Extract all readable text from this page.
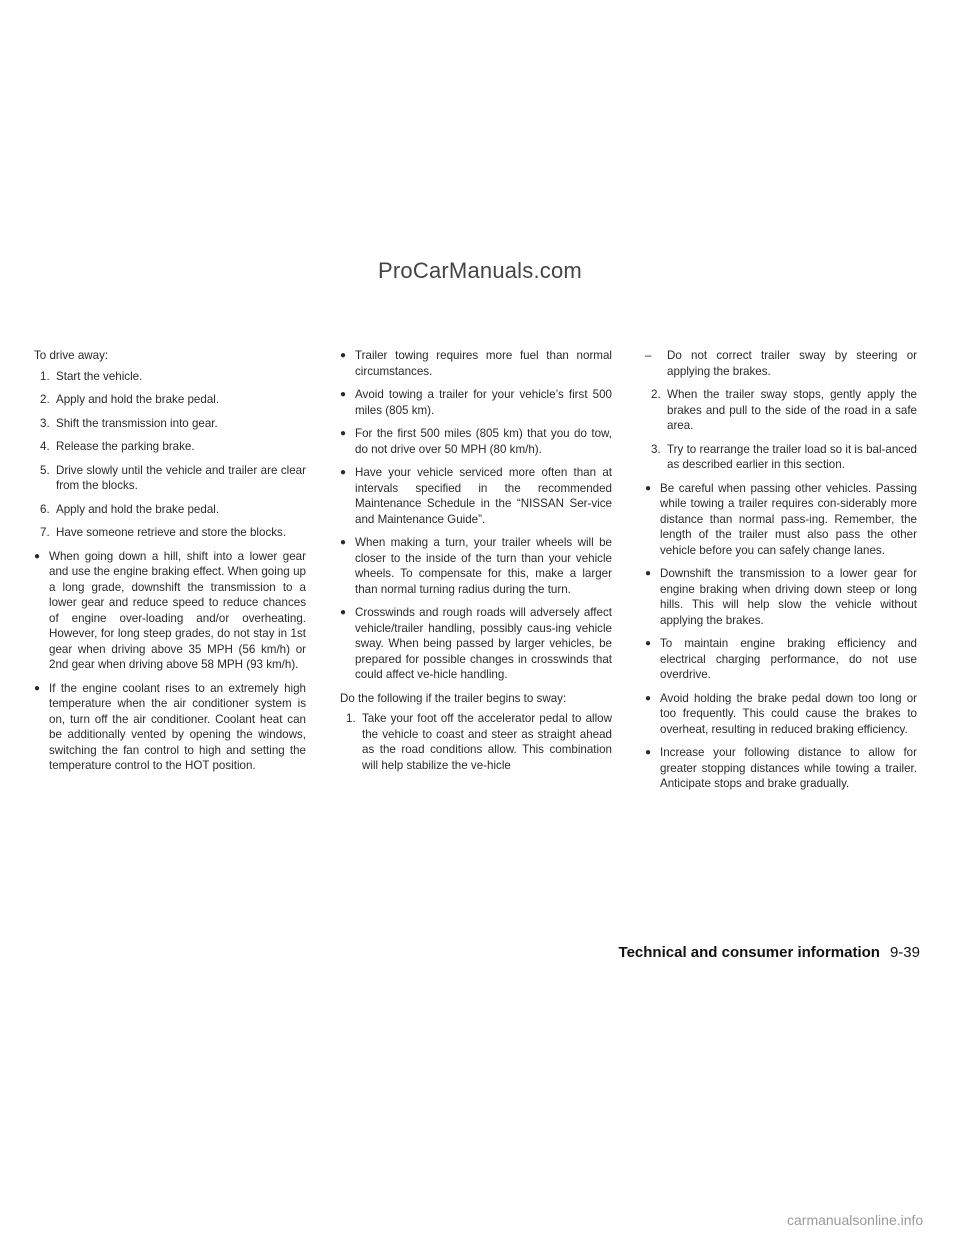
ProCarManuals.com
To drive away:
1. Start the vehicle.
2. Apply and hold the brake pedal.
3. Shift the transmission into gear.
4. Release the parking brake.
5. Drive slowly until the vehicle and trailer are clear from the blocks.
6. Apply and hold the brake pedal.
7. Have someone retrieve and store the blocks.
● When going down a hill, shift into a lower gear and use the engine braking effect. When going up a long grade, downshift the transmission to a lower gear and reduce speed to reduce chances of engine over-loading and/or overheating. However, for long steep grades, do not stay in 1st gear when driving above 35 MPH (56 km/h) or 2nd gear when driving above 58 MPH (93 km/h).
● If the engine coolant rises to an extremely high temperature when the air conditioner system is on, turn off the air conditioner. Coolant heat can be additionally vented by opening the windows, switching the fan control to high and setting the temperature control to the HOT position.
● Trailer towing requires more fuel than normal circumstances.
● Avoid towing a trailer for your vehicle’s first 500 miles (805 km).
● For the first 500 miles (805 km) that you do tow, do not drive over 50 MPH (80 km/h).
● Have your vehicle serviced more often than at intervals specified in the recommended Maintenance Schedule in the “NISSAN Ser-vice and Maintenance Guide”.
● When making a turn, your trailer wheels will be closer to the inside of the turn than your vehicle wheels. To compensate for this, make a larger than normal turning radius during the turn.
● Crosswinds and rough roads will adversely affect vehicle/trailer handling, possibly caus-ing vehicle sway. When being passed by larger vehicles, be prepared for possible changes in crosswinds that could affect ve-hicle handling.
Do the following if the trailer begins to sway:
1. Take your foot off the accelerator pedal to allow the vehicle to coast and steer as straight ahead as the road conditions allow. This combination will help stabilize the ve-hicle
– Do not correct trailer sway by steering or applying the brakes.
2. When the trailer sway stops, gently apply the brakes and pull to the side of the road in a safe area.
3. Try to rearrange the trailer load so it is bal-anced as described earlier in this section.
● Be careful when passing other vehicles. Passing while towing a trailer requires con-siderably more distance than normal pass-ing. Remember, the length of the trailer must also pass the other vehicle before you can safely change lanes.
● Downshift the transmission to a lower gear for engine braking when driving down steep or long hills. This will help slow the vehicle without applying the brakes.
● To maintain engine braking efficiency and electrical charging performance, do not use overdrive.
● Avoid holding the brake pedal down too long or too frequently. This could cause the brakes to overheat, resulting in reduced braking efficiency.
● Increase your following distance to allow for greater stopping distances while towing a trailer. Anticipate stops and brake gradually.
Technical and consumer information 9-39
carmanualsonline.info
